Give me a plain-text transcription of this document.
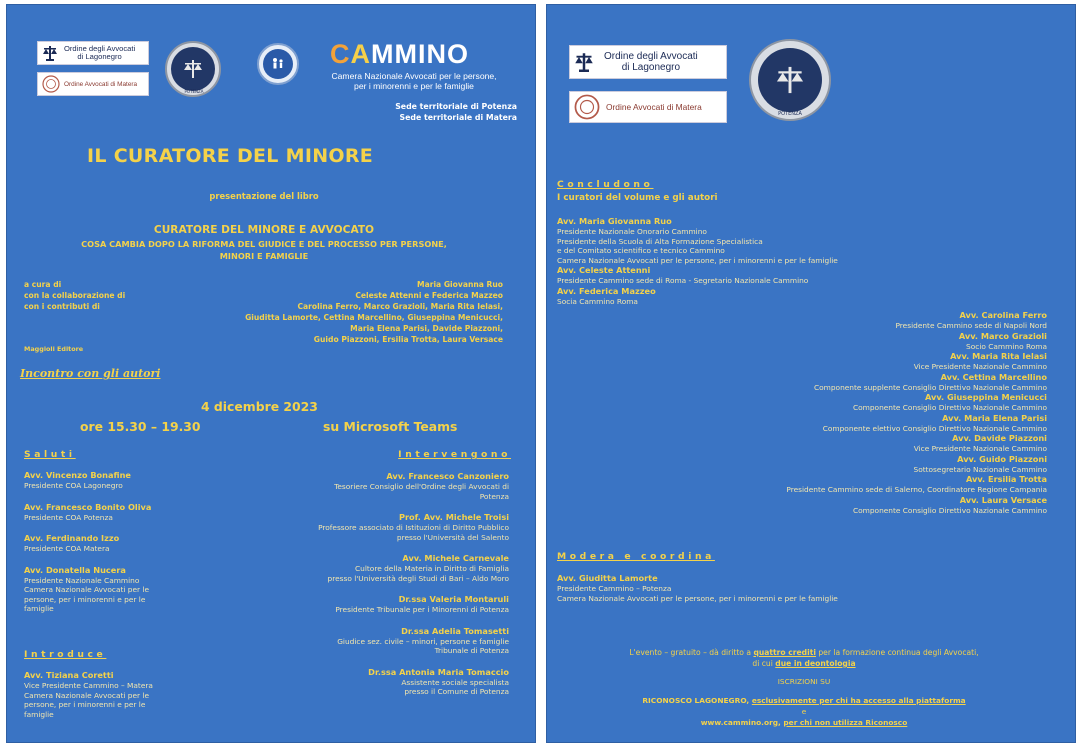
Ordine degli Avvocati
di Lagonegro
Ordine Avvocati di Matera
POTENZA
CAMMINO
Camera Nazionale Avvocati per le persone,
per i minorenni e per le famiglie
Sede territoriale di Potenza
Sede territoriale di Matera
IL CURATORE DEL MINORE
presentazione del libro
CURATORE DEL MINORE E AVVOCATO
COSA CAMBIA DOPO LA RIFORMA DEL GIUDICE E DEL PROCESSO PER PERSONE,
MINORI E FAMIGLIE
a cura di
con la collaborazione di
con i contributi di
Maria Giovanna Ruo
Celeste Attenni e Federica Mazzeo
Carolina Ferro, Marco Grazioli, Maria Rita Ielasi,
Giuditta Lamorte, Cettina Marcellino, Giuseppina Menicucci,
Maria Elena Parisi, Davide Piazzoni,
Guido Piazzoni, Ersilia Trotta, Laura Versace
Maggioli Editore
Incontro con gli autori
4 dicembre 2023
ore 15.30 – 19.30	su Microsoft Teams
Saluti
Avv. Vincenzo Bonafine
Presidente COA Lagonegro
Avv. Francesco Bonito Oliva
Presidente COA Potenza
Avv. Ferdinando Izzo
Presidente COA Matera
Avv. Donatella Nucera
Presidente Nazionale Cammino
Camera Nazionale Avvocati per le
persone, per i minorenni e per le
famiglie
Introduce
Avv. Tiziana Coretti
Vice Presidente Cammino – Matera
Camera Nazionale Avvocati per le
persone, per i minorenni e per le
famiglie
Intervengono
Avv. Francesco Canzoniero
Tesoriere Consiglio dell'Ordine degli Avvocati di
Potenza
Prof. Avv. Michele Troisi
Professore associato di Istituzioni di Diritto Pubblico
presso l'Università del Salento
Avv. Michele Carnevale
Cultore della Materia in Diritto di Famiglia
presso l'Università degli Studi di Bari – Aldo Moro
Dr.ssa Valeria Montaruli
Presidente Tribunale per i Minorenni di Potenza
Dr.ssa Adelia Tomasetti
Giudice sez. civile – minori, persone e famiglie
Tribunale di Potenza
Dr.ssa Antonia Maria Tomaccio
Assistente sociale specialista
presso il Comune di Potenza
Ordine degli Avvocati
di Lagonegro
Ordine Avvocati di Matera
POTENZA
Concludono
I curatori del volume e gli autori
Avv. Maria Giovanna Ruo
Presidente Nazionale Onorario Cammino
Presidente della Scuola di Alta Formazione Specialistica
e del Comitato scientifico e tecnico Cammino
Camera Nazionale Avvocati per le persone, per i minorenni e per le famiglie
Avv. Celeste Attenni
Presidente Cammino sede di Roma - Segretario Nazionale Cammino
Avv. Federica Mazzeo
Socia Cammino Roma
Avv. Carolina Ferro
Presidente Cammino sede di Napoli Nord
Avv. Marco Grazioli
Socio Cammino Roma
Avv. Maria Rita Ielasi
Vice Presidente Nazionale Cammino
Avv. Cettina Marcellino
Componente supplente Consiglio Direttivo Nazionale Cammino
Avv. Giuseppina Menicucci
Componente Consiglio Direttivo Nazionale Cammino
Avv. Maria Elena Parisi
Componente elettivo Consiglio Direttivo Nazionale Cammino
Avv. Davide Piazzoni
Vice Presidente Nazionale Cammino
Avv. Guido Piazzoni
Sottosegretario Nazionale Cammino
Avv. Ersilia Trotta
Presidente Cammino sede di Salerno, Coordinatore Regione Campania
Avv. Laura Versace
Componente Consiglio Direttivo Nazionale Cammino
Modera e coordina
Avv. Giuditta Lamorte
Presidente Cammino – Potenza
Camera Nazionale Avvocati per le persone, per i minorenni e per le famiglie
L'evento – gratuito – dà diritto a quattro crediti per la formazione continua degli Avvocati,
di cui due in deontologia
ISCRIZIONI SU
RICONOSCO LAGONEGRO, esclusivamente per chi ha accesso alla piattaforma
e
www.cammino.org, per chi non utilizza Riconosco
